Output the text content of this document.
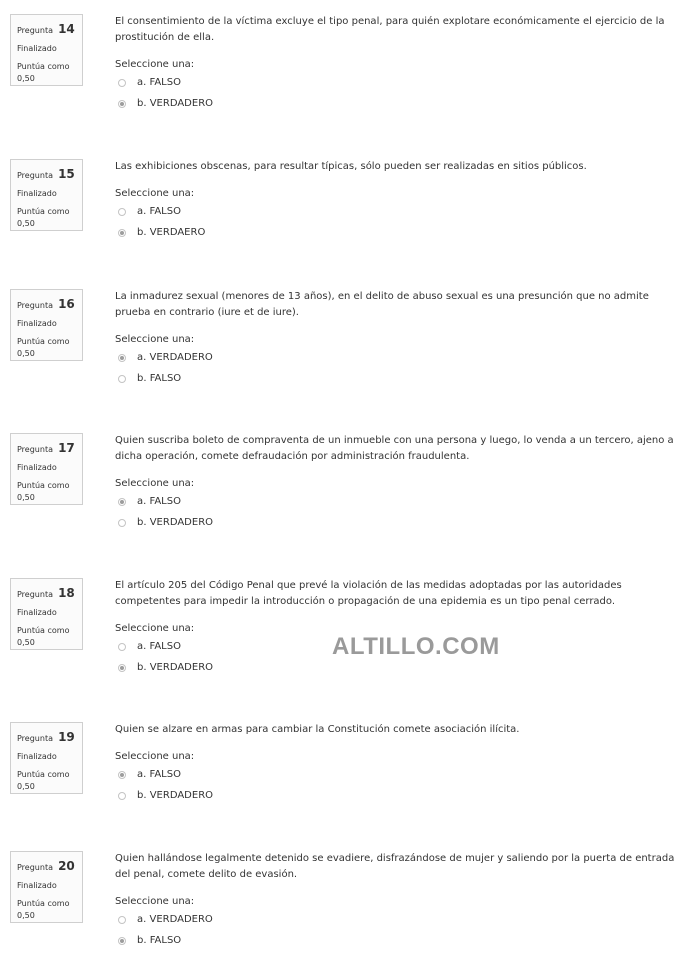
Pregunta 14
Finalizado
Puntúa como
0,50

El consentimiento de la víctima excluye el tipo penal, para quién explotare económicamente el ejercicio de la prostitución de ella.

Seleccione una:
a. FALSO
b. VERDADERO
Pregunta 15
Finalizado
Puntúa como
0,50

Las exhibiciones obscenas, para resultar típicas, sólo pueden ser realizadas en sitios públicos.

Seleccione una:
a. FALSO
b. VERDAERO
Pregunta 16
Finalizado
Puntúa como
0,50

La inmadurez sexual (menores de 13 años), en el delito de abuso sexual es una presunción que no admite prueba en contrario (iure et de iure).

Seleccione una:
a. VERDADERO
b. FALSO
Pregunta 17
Finalizado
Puntúa como
0,50

Quien suscriba boleto de compraventa de un inmueble con una persona y luego, lo venda a un tercero, ajeno a dicha operación, comete defraudación por administración fraudulenta.

Seleccione una:
a. FALSO
b. VERDADERO
Pregunta 18
Finalizado
Puntúa como
0,50

El artículo 205 del Código Penal que prevé la violación de las medidas adoptadas por las autoridades competentes para impedir la introducción o propagación de una epidemia es un tipo penal cerrado.

Seleccione una:
a. FALSO
b. VERDADERO
Pregunta 19
Finalizado
Puntúa como
0,50

Quien se alzare en armas para cambiar la Constitución comete asociación ilícita.

Seleccione una:
a. FALSO
b. VERDADERO
Pregunta 20
Finalizado
Puntúa como
0,50

Quien hallándose legalmente detenido se evadiere, disfrazándose de mujer y saliendo por la puerta de entrada del penal, comete delito de evasión.

Seleccione una:
a. VERDADERO
b. FALSO
ALTILLO.COM
